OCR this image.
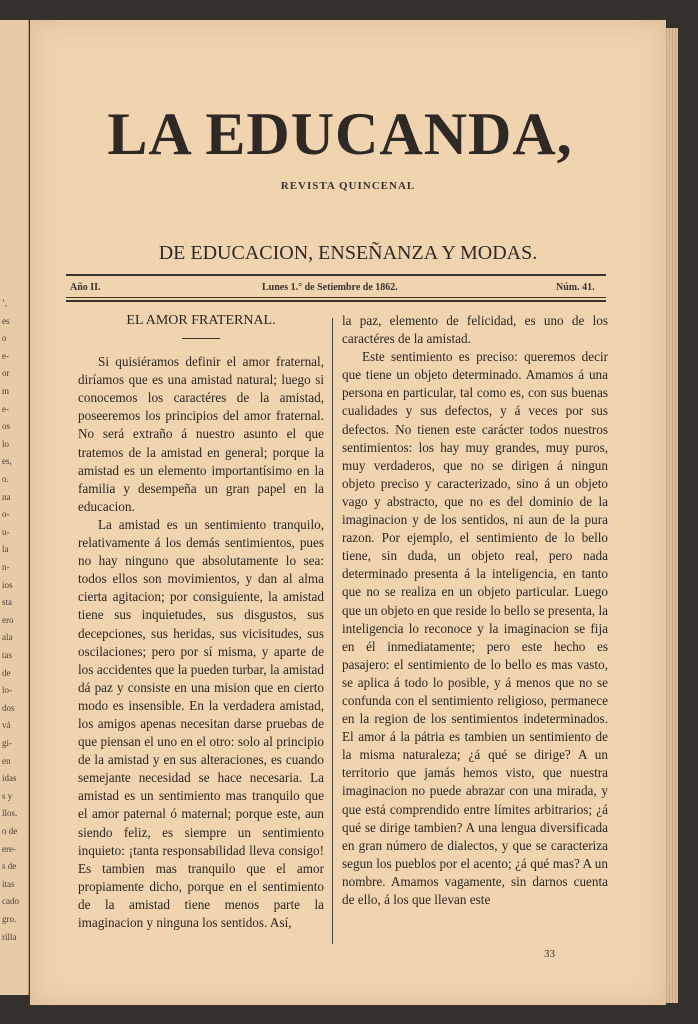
’,
es
o
e-
or
m
e-
os
lo
es,
o.
na
o-
u-
la
n-
ios
sta
ero
ala
tas
de
lo-
dos
vá
gi-
en
idas
s y
llos.
o de
ere-
s de
itas
cado
gro.
rilla
LA EDUCANDA,
REVISTA QUINCENAL
DE EDUCACION, ENSEÑANZA Y MODAS.
Año II.	Lunes 1.° de Setiembre de 1862.	Núm. 41.

EL AMOR FRATERNAL.

Si quisiéramos definir el amor fraternal, diríamos que es una amistad natural; luego si conocemos los caractéres de la amistad, poseeremos los principios del amor fraternal. No será extraño á nuestro asunto el que tratemos de la amistad en general; porque la amistad es un elemento importantísimo en la familia y desempeña un gran papel en la educacion.

La amistad es un sentimiento tranquilo, relativamente á los demás sentimientos, pues no hay ninguno que absolutamente lo sea: todos ellos son movimientos, y dan al alma cierta agitacion; por consiguiente, la amistad tiene sus inquietudes, sus disgustos, sus decepciones, sus heridas, sus vicisitudes, sus oscilaciones; pero por sí misma, y aparte de los accidentes que la pueden turbar, la amistad dá paz y consiste en una mision que en cierto modo es insensible. En la verdadera amistad, los amigos apenas necesitan darse pruebas de que piensan el uno en el otro: solo al principio de la amistad y en sus alteraciones, es cuando semejante necesidad se hace necesaria. La amistad es un sentimiento mas tranquilo que el amor paternal ó maternal; porque este, aun siendo feliz, es siempre un sentimiento inquieto: ¡tanta responsabilidad lleva consigo! Es tambien mas tranquilo que el amor propiamente dicho, porque en el sentimiento de la amistad tiene menos parte la imaginacion y ninguna los sentidos. Así,

la paz, elemento de felicidad, es uno de los caractéres de la amistad.

Este sentimiento es preciso: queremos decir que tiene un objeto determinado. Amamos á una persona en particular, tal como es, con sus buenas cualidades y sus defectos, y á veces por sus defectos. No tienen este carácter todos nuestros sentimientos: los hay muy grandes, muy puros, muy verdaderos, que no se dirigen á ningun objeto preciso y caracterizado, sino á un objeto vago y abstracto, que no es del dominio de la imaginacion y de los sentidos, ni aun de la pura razon. Por ejemplo, el sentimiento de lo bello tiene, sin duda, un objeto real, pero nada determinado presenta á la inteligencia, en tanto que no se realiza en un objeto particular. Luego que un objeto en que reside lo bello se presenta, la inteligencia lo reconoce y la imaginacion se fija en él inmediatamente; pero este hecho es pasajero: el sentimiento de lo bello es mas vasto, se aplica á todo lo posible, y á menos que no se confunda con el sentimiento religioso, permanece en la region de los sentimientos indeterminados. El amor á la pátria es tambien un sentimiento de la misma naturaleza; ¿á qué se dirige? A un territorio que jamás hemos visto, que nuestra imaginacion no puede abrazar con una mirada, y que está comprendido entre límites arbitrarios; ¿á qué se dirige tambien? A una lengua diversificada en gran número de dialectos, y que se caracteriza segun los pueblos por el acento; ¿á qué mas? A un nombre. Amamos vagamente, sin darnos cuenta de ello, á los que llevan este

33
